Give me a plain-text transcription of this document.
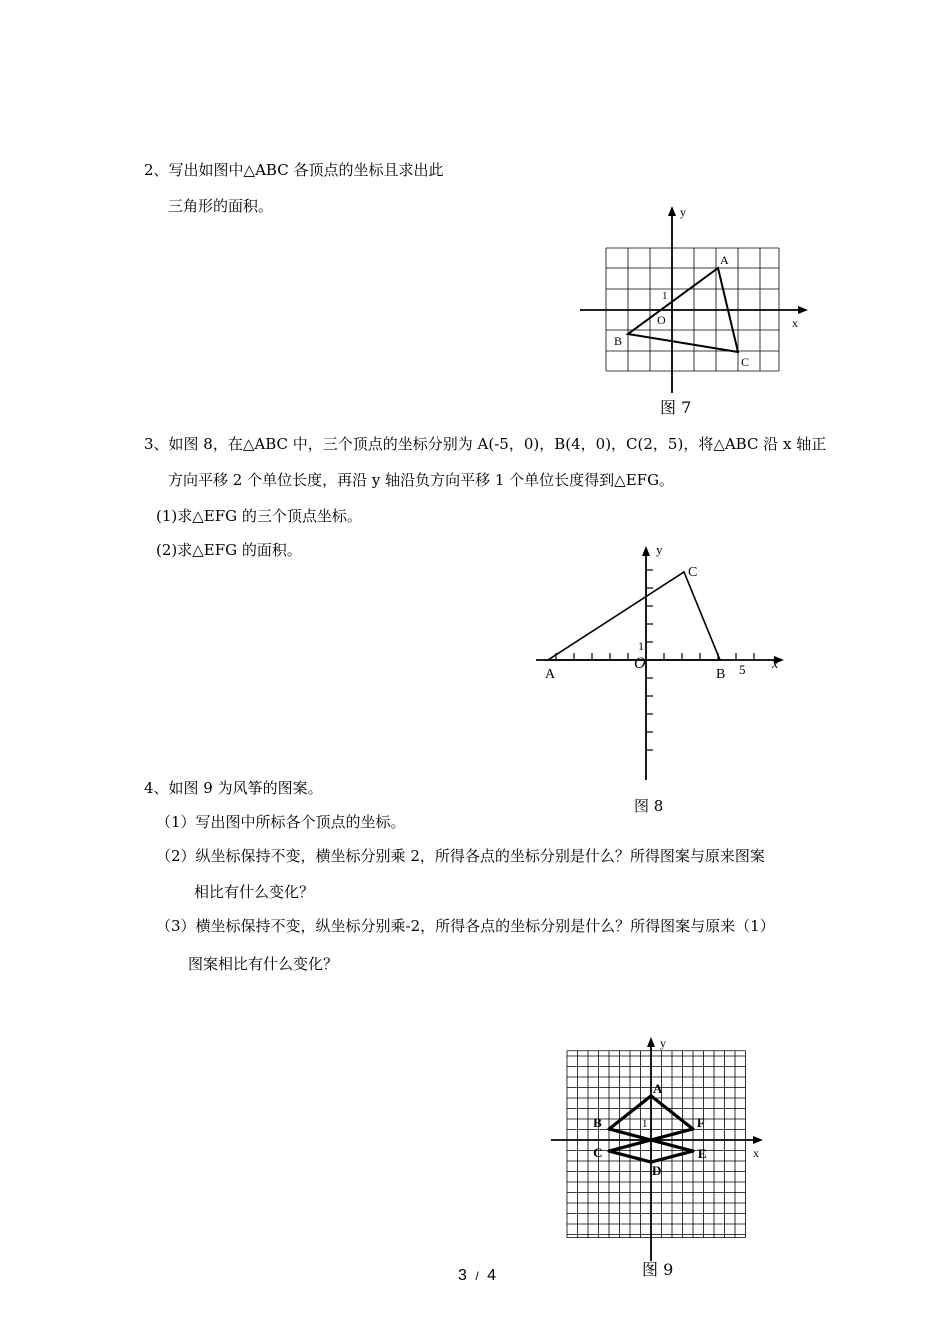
2、写出如图中△ABC 各顶点的坐标且求出此
三角形的面积。	y
x
O
1
A
B
C
图 7
3、如图 8，在△ABC 中，三个顶点的坐标分别为 A(-5，0)，B(4，0)，C(2，5)，将△ABC 沿 x 轴正
方向平移 2 个单位长度，再沿 y 轴沿负方向平移 1 个单位长度得到△EFG。
(1)求△EFG 的三个顶点坐标。
(2)求△EFG 的面积。	y
x
O
1
5
A	B
C
图 8
4、如图 9 为风筝的图案。
（1）写出图中所标各个顶点的坐标。
（2）纵坐标保持不变，横坐标分别乘 2，所得各点的坐标分别是什么？所得图案与原来图案
相比有什么变化？
（3）横坐标保持不变，纵坐标分别乘-2，所得各点的坐标分别是什么？所得图案与原来（1）
图案相比有什么变化？
y
x
1
A
B
C
D
E
F
图 9
3 / 4
